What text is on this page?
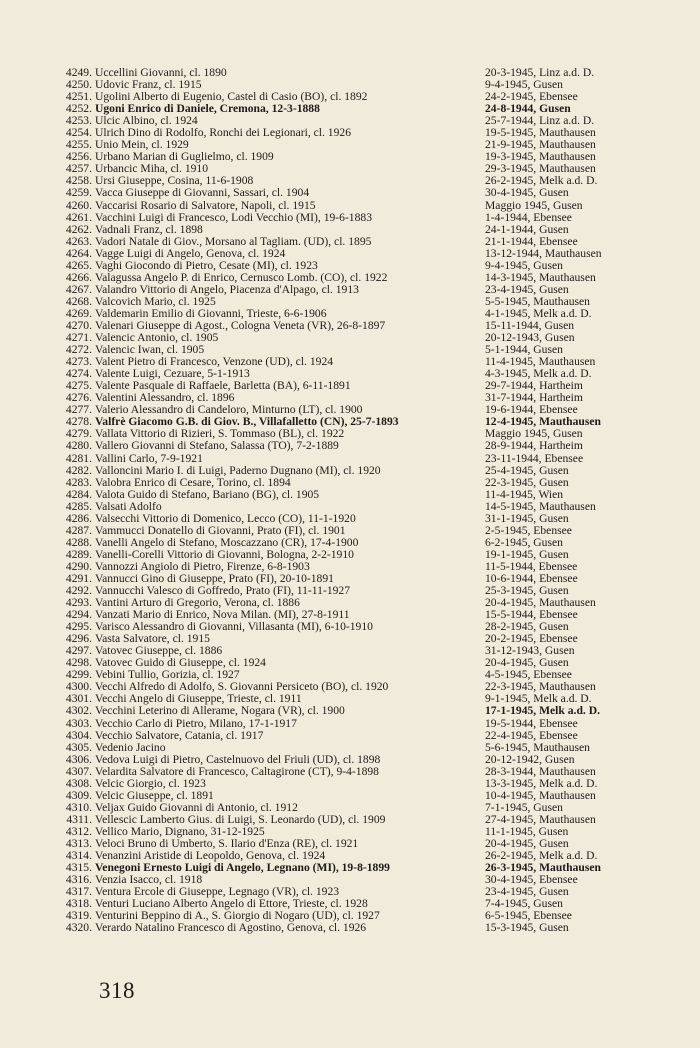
4249. Uccellini Giovanni, cl. 1890	20-3-1945, Linz a.d. D.
4250. Udovic Franz, cl. 1915	9-4-1945, Gusen
4251. Ugolini Alberto di Eugenio, Castel di Casio (BO), cl. 1892	24-2-1945, Ebensee
4252. Ugoni Enrico di Daniele, Cremona, 12-3-1888	24-8-1944, Gusen
4253. Ulcic Albino, cl. 1924	25-7-1944, Linz a.d. D.
4254. Ulrich Dino di Rodolfo, Ronchi dei Legionari, cl. 1926	19-5-1945, Mauthausen
4255. Unio Mein, cl. 1929	21-9-1945, Mauthausen
4256. Urbano Marian di Guglielmo, cl. 1909	19-3-1945, Mauthausen
4257. Urbancic Miha, cl. 1910	29-3-1945, Mauthausen
4258. Ursi Giuseppe, Cosina, 11-6-1908	26-2-1945, Melk a.d. D.
4259. Vacca Giuseppe di Giovanni, Sassari, cl. 1904	30-4-1945, Gusen
4260. Vaccarisi Rosario di Salvatore, Napoli, cl. 1915	Maggio 1945, Gusen
4261. Vacchini Luigi di Francesco, Lodi Vecchio (MI), 19-6-1883	1-4-1944, Ebensee
4262. Vadnali Franz, cl. 1898	24-1-1944, Gusen
4263. Vadori Natale di Giov., Morsano al Tagliam. (UD), cl. 1895	21-1-1944, Ebensee
4264. Vagge Luigi di Angelo, Genova, cl. 1924	13-12-1944, Mauthausen
4265. Vaghi Giocondo di Pietro, Cesate (MI), cl. 1923	9-4-1945, Gusen
4266. Valagussa Angelo P. di Enrico, Cernusco Lomb. (CO), cl. 1922	14-3-1945, Mauthausen
4267. Valandro Vittorio di Angelo, Piacenza d'Alpago, cl. 1913	23-4-1945, Gusen
4268. Valcovich Mario, cl. 1925	5-5-1945, Mauthausen
4269. Valdemarin Emilio di Giovanni, Trieste, 6-6-1906	4-1-1945, Melk a.d. D.
4270. Valenari Giuseppe di Agost., Cologna Veneta (VR), 26-8-1897	15-11-1944, Gusen
4271. Valencic Antonio, cl. 1905	20-12-1943, Gusen
4272. Valencic Iwan, cl. 1905	5-1-1944, Gusen
4273. Valent Pietro di Francesco, Venzone (UD), cl. 1924	11-4-1945, Mauthausen
4274. Valente Luigi, Cezuare, 5-1-1913	4-3-1945, Melk a.d. D.
4275. Valente Pasquale di Raffaele, Barletta (BA), 6-11-1891	29-7-1944, Hartheim
4276. Valentini Alessandro, cl. 1896	31-7-1944, Hartheim
4277. Valerio Alessandro di Candeloro, Minturno (LT), cl. 1900	19-6-1944, Ebensee
4278. Valfrè Giacomo G.B. di Giov. B., Villafalletto (CN), 25-7-1893	12-4-1945, Mauthausen
4279. Vallata Vittorio di Rizieri, S. Tommaso (BL), cl. 1922	Maggio 1945, Gusen
4280. Vallero Giovanni di Stefano, Salassa (TO), 7-2-1889	28-9-1944, Hartheim
4281. Vallini Carlo, 7-9-1921	23-11-1944, Ebensee
4282. Valloncini Mario I. di Luigi, Paderno Dugnano (MI), cl. 1920	25-4-1945, Gusen
4283. Valobra Enrico di Cesare, Torino, cl. 1894	22-3-1945, Gusen
4284. Valota Guido di Stefano, Bariano (BG), cl. 1905	11-4-1945, Wien
4285. Valsati Adolfo	14-5-1945, Mauthausen
4286. Valsecchi Vittorio di Domenico, Lecco (CO), 11-1-1920	31-1-1945, Gusen
4287. Vammucci Donatello di Giovanni, Prato (FI), cl. 1901	2-5-1945, Ebensee
4288. Vanelli Angelo di Stefano, Moscazzano (CR), 17-4-1900	6-2-1945, Gusen
4289. Vanelli-Corelli Vittorio di Giovanni, Bologna, 2-2-1910	19-1-1945, Gusen
4290. Vannozzi Angiolo di Pietro, Firenze, 6-8-1903	11-5-1944, Ebensee
4291. Vannucci Gino di Giuseppe, Prato (FI), 20-10-1891	10-6-1944, Ebensee
4292. Vannucchi Valesco di Goffredo, Prato (FI), 11-11-1927	25-3-1945, Gusen
4293. Vantini Arturo di Gregorio, Verona, cl. 1886	20-4-1945, Mauthausen
4294. Vanzati Mario di Enrico, Nova Milan. (MI), 27-8-1911	15-5-1944, Ebensee
4295. Varisco Alessandro di Giovanni, Villasanta (MI), 6-10-1910	28-2-1945, Gusen
4296. Vasta Salvatore, cl. 1915	20-2-1945, Ebensee
4297. Vatovec Giuseppe, cl. 1886	31-12-1943, Gusen
4298. Vatovec Guido di Giuseppe, cl. 1924	20-4-1945, Gusen
4299. Vebini Tullio, Gorizia, cl. 1927	4-5-1945, Ebensee
4300. Vecchi Alfredo di Adolfo, S. Giovanni Persiceto (BO), cl. 1920	22-3-1945, Mauthausen
4301. Vecchi Angelo di Giuseppe, Trieste, cl. 1911	9-1-1945, Melk a.d. D.
4302. Vecchini Leterino di Allerame, Nogara (VR), cl. 1900	17-1-1945, Melk a.d. D.
4303. Vecchio Carlo di Pietro, Milano, 17-1-1917	19-5-1944, Ebensee
4304. Vecchio Salvatore, Catania, cl. 1917	22-4-1945, Ebensee
4305. Vedenio Jacino	5-6-1945, Mauthausen
4306. Vedova Luigi di Pietro, Castelnuovo del Friuli (UD), cl. 1898	20-12-1942, Gusen
4307. Velardita Salvatore di Francesco, Caltagirone (CT), 9-4-1898	28-3-1944, Mauthausen
4308. Velcic Giorgio, cl. 1923	13-3-1945, Melk a.d. D.
4309. Velcic Giuseppe, cl. 1891	10-4-1945, Mauthausen
4310. Veljax Guido Giovanni di Antonio, cl. 1912	7-1-1945, Gusen
4311. Vellescic Lamberto Gius. di Luigi, S. Leonardo (UD), cl. 1909	27-4-1945, Mauthausen
4312. Vellico Mario, Dignano, 31-12-1925	11-1-1945, Gusen
4313. Veloci Bruno di Umberto, S. Ilario d'Enza (RE), cl. 1921	20-4-1945, Gusen
4314. Venanzini Aristide di Leopoldo, Genova, cl. 1924	26-2-1945, Melk a.d. D.
4315. Venegoni Ernesto Luigi di Angelo, Legnano (MI), 19-8-1899	26-3-1945, Mauthausen
4316. Venzia Isacco, cl. 1918	30-4-1945, Ebensee
4317. Ventura Ercole di Giuseppe, Legnago (VR), cl. 1923	23-4-1945, Gusen
4318. Venturi Luciano Alberto Angelo di Ettore, Trieste, cl. 1928	7-4-1945, Gusen
4319. Venturini Beppino di A., S. Giorgio di Nogaro (UD), cl. 1927	6-5-1945, Ebensee
4320. Verardo Natalino Francesco di Agostino, Genova, cl. 1926	15-3-1945, Gusen
318
